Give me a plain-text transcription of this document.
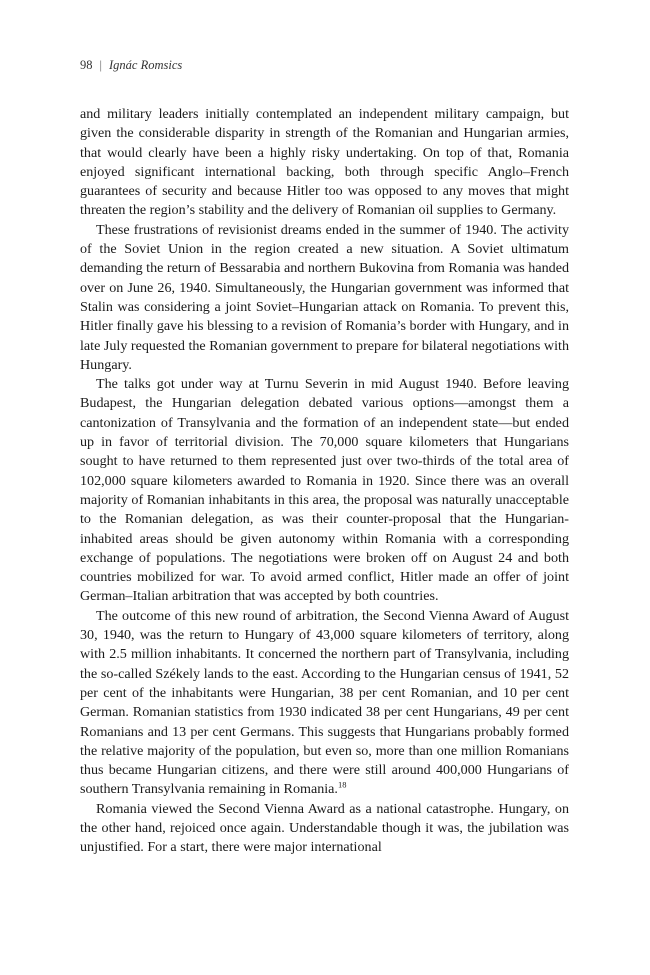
98 | Ignác Romsics

and military leaders initially contemplated an independent military campaign, but given the considerable disparity in strength of the Romanian and Hungarian armies, that would clearly have been a highly risky undertaking. On top of that, Romania enjoyed significant international backing, both through specific Anglo–French guarantees of security and because Hitler too was opposed to any moves that might threaten the region’s stability and the delivery of Romanian oil supplies to Germany.

These frustrations of revisionist dreams ended in the summer of 1940. The activity of the Soviet Union in the region created a new situation. A Soviet ultimatum demanding the return of Bessarabia and northern Bukovina from Romania was handed over on June 26, 1940. Simultaneously, the Hungarian government was informed that Stalin was considering a joint Soviet–Hungarian attack on Romania. To prevent this, Hitler finally gave his blessing to a revision of Romania’s border with Hungary, and in late July requested the Romanian government to prepare for bilateral negotiations with Hungary.

The talks got under way at Turnu Severin in mid August 1940. Before leaving Budapest, the Hungarian delegation debated various options—amongst them a cantonization of Transylvania and the formation of an independent state—but ended up in favor of territorial division. The 70,000 square kilometers that Hungarians sought to have returned to them represented just over two-thirds of the total area of 102,000 square kilometers awarded to Romania in 1920. Since there was an overall majority of Romanian inhabitants in this area, the proposal was naturally unacceptable to the Romanian delegation, as was their counter-proposal that the Hungarian-inhabited areas should be given autonomy within Romania with a corresponding exchange of populations. The negotiations were broken off on August 24 and both countries mobilized for war. To avoid armed conflict, Hitler made an offer of joint German–Italian arbitration that was accepted by both countries.

The outcome of this new round of arbitration, the Second Vienna Award of August 30, 1940, was the return to Hungary of 43,000 square kilometers of territory, along with 2.5 million inhabitants. It concerned the northern part of Transylvania, including the so-called Székely lands to the east. According to the Hungarian census of 1941, 52 per cent of the inhabitants were Hungarian, 38 per cent Romanian, and 10 per cent German. Romanian statistics from 1930 indicated 38 per cent Hungarians, 49 per cent Romanians and 13 per cent Germans. This suggests that Hungarians probably formed the relative majority of the population, but even so, more than one million Romanians thus became Hungarian citizens, and there were still around 400,000 Hungarians of southern Transylvania remaining in Romania.$^{18}$

Romania viewed the Second Vienna Award as a national catastrophe. Hungary, on the other hand, rejoiced once again. Understandable though it was, the jubilation was unjustified. For a start, there were major international
